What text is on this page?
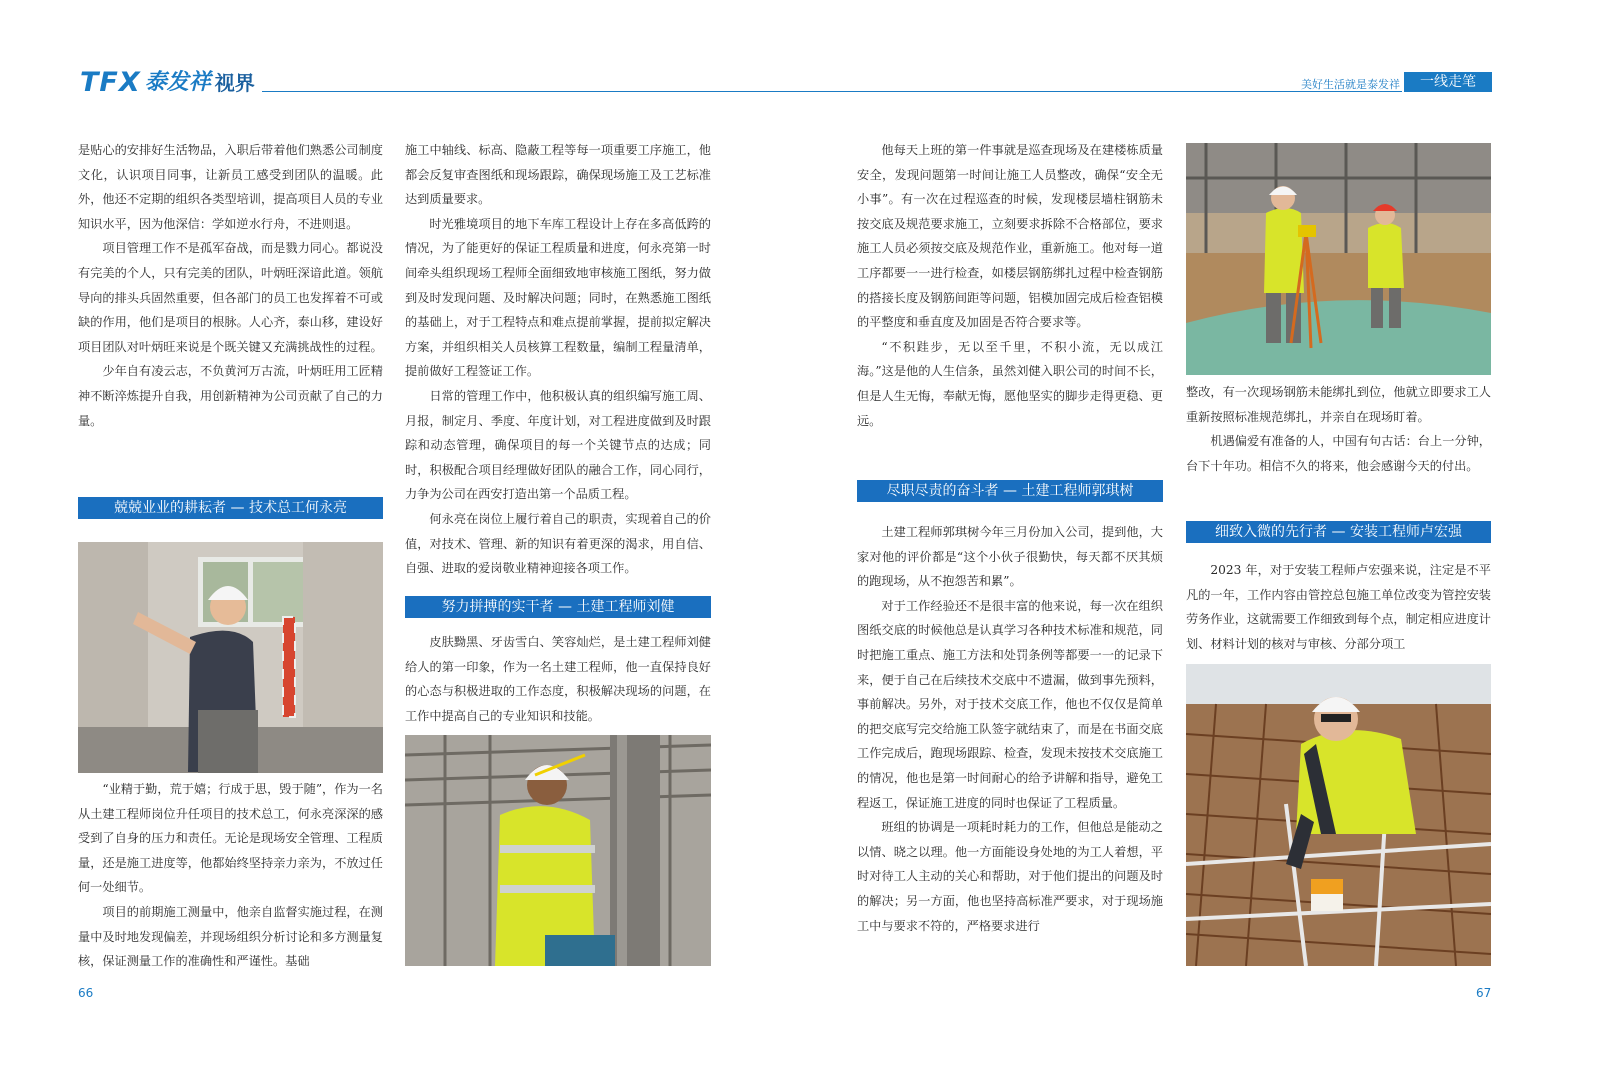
TFX 泰发祥 视界	美好生活就是泰发祥	一线走笔

是贴心的安排好生活物品，入职后带着他们熟悉公司制度文化，认识项目同事，让新员工感受到团队的温暖。此外，他还不定期的组织各类型培训，提高项目人员的专业知识水平，因为他深信：学如逆水行舟，不进则退。

项目管理工作不是孤军奋战，而是戮力同心。都说没有完美的个人，只有完美的团队，叶炳旺深谙此道。领航导向的排头兵固然重要，但各部门的员工也发挥着不可或缺的作用，他们是项目的根脉。人心齐，泰山移，建设好项目团队对叶炳旺来说是个既关键又充满挑战性的过程。

少年自有凌云志，不负黄河万古流，叶炳旺用工匠精神不断淬炼提升自我，用创新精神为公司贡献了自己的力量。

兢兢业业的耕耘者 — 技术总工何永亮

“业精于勤，荒于嬉；行成于思，毁于随”，作为一名从土建工程师岗位升任项目的技术总工，何永亮深深的感受到了自身的压力和责任。无论是现场安全管理、工程质量，还是施工进度等，他都始终坚持亲力亲为，不放过任何一处细节。

项目的前期施工测量中，他亲自监督实施过程，在测量中及时地发现偏差，并现场组织分析讨论和多方测量复核，保证测量工作的准确性和严谨性。基础

施工中轴线、标高、隐蔽工程等每一项重要工序施工，他都会反复审查图纸和现场跟踪，确保现场施工及工艺标准达到质量要求。

时光雅境项目的地下车库工程设计上存在多高低跨的情况，为了能更好的保证工程质量和进度，何永亮第一时间牵头组织现场工程师全面细致地审核施工图纸，努力做到及时发现问题、及时解决问题；同时，在熟悉施工图纸的基础上，对于工程特点和难点提前掌握，提前拟定解决方案，并组织相关人员核算工程数量，编制工程量清单，提前做好工程签证工作。

日常的管理工作中，他积极认真的组织编写施工周、月报，制定月、季度、年度计划，对工程进度做到及时跟踪和动态管理，确保项目的每一个关键节点的达成；同时，积极配合项目经理做好团队的融合工作，同心同行，力争为公司在西安打造出第一个品质工程。

何永亮在岗位上履行着自己的职责，实现着自己的价值，对技术、管理、新的知识有着更深的渴求，用自信、自强、进取的爱岗敬业精神迎接各项工作。

努力拼搏的实干者 — 土建工程师刘健

皮肤黝黑、牙齿雪白、笑容灿烂，是土建工程师刘健给人的第一印象，作为一名土建工程师，他一直保持良好的心态与积极进取的工作态度，积极解决现场的问题，在工作中提高自己的专业知识和技能。

66

他每天上班的第一件事就是巡查现场及在建楼栋质量安全，发现问题第一时间让施工人员整改，确保“安全无小事”。有一次在过程巡查的时候，发现楼层墙柱钢筋未按交底及规范要求施工，立刻要求拆除不合格部位，要求施工人员必须按交底及规范作业，重新施工。他对每一道工序都要一一进行检查，如楼层钢筋绑扎过程中检查钢筋的搭接长度及钢筋间距等问题，铝模加固完成后检查铝模的平整度和垂直度及加固是否符合要求等。

“不积跬步，无以至千里，不积小流，无以成江海。”这是他的人生信条，虽然刘健入职公司的时间不长，但是人生无悔，奉献无悔，愿他坚实的脚步走得更稳、更远。

尽职尽责的奋斗者 — 土建工程师郭琪树

土建工程师郭琪树今年三月份加入公司，提到他，大家对他的评价都是“这个小伙子很勤快，每天都不厌其烦的跑现场，从不抱怨苦和累”。

对于工作经验还不是很丰富的他来说，每一次在组织图纸交底的时候他总是认真学习各种技术标准和规范，同时把施工重点、施工方法和处罚条例等都要一一的记录下来，便于自己在后续技术交底中不遗漏，做到事先预料，事前解决。另外，对于技术交底工作，他也不仅仅是简单的把交底写完交给施工队签字就结束了，而是在书面交底工作完成后，跑现场跟踪、检查，发现未按技术交底施工的情况，他也是第一时间耐心的给予讲解和指导，避免工程返工，保证施工进度的同时也保证了工程质量。

班组的协调是一项耗时耗力的工作，但他总是能动之以情、晓之以理。他一方面能设身处地的为工人着想，平时对待工人主动的关心和帮助，对于他们提出的问题及时的解决；另一方面，他也坚持高标准严要求，对于现场施工中与要求不符的，严格要求进行

整改，有一次现场钢筋未能绑扎到位，他就立即要求工人重新按照标准规范绑扎，并亲自在现场盯着。

机遇偏爱有准备的人，中国有句古话：台上一分钟，台下十年功。相信不久的将来，他会感谢今天的付出。

细致入微的先行者 — 安装工程师卢宏强

2023 年，对于安装工程师卢宏强来说，注定是不平凡的一年，工作内容由管控总包施工单位改变为管控安装劳务作业，这就需要工作细致到每个点，制定相应进度计划、材料计划的核对与审核、分部分项工

67
